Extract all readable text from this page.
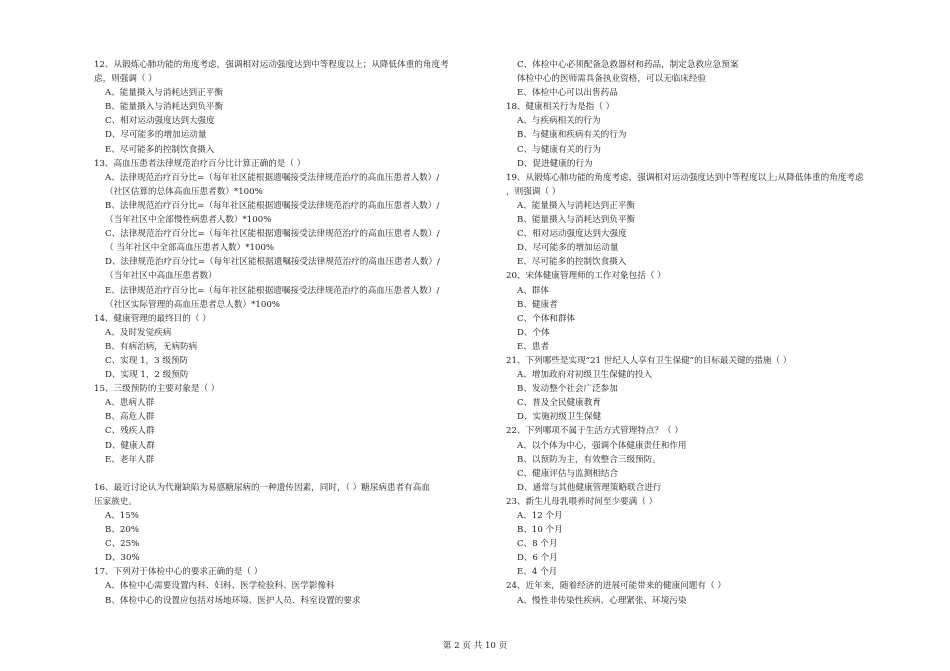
12、从锻炼心肺功能的角度考虑，强调相对运动强度达到中等程度以上；从降低体重的角度考
虑，则强调（ ）
A、能量摄入与消耗达到正平衡
B、能量摄入与消耗达到负平衡
C、相对运动强度达到大强度
D、尽可能多的增加运动量
E、尽可能多的控制饮食摄入
13、高血压患者法律规范治疗百分比计算正确的是（ ）
A、法律规范治疗百分比=（每年社区能根据遗嘱接受法律规范治疗的高血压患者人数）/
（社区估算的总体高血压患者数）*100%
B、法律规范治疗百分比=（每年社区能根据遗嘱接受法律规范治疗的高血压患者人数）/
（当年社区中全部慢性病患者人数）*100%
C、法律规范治疗百分比=（每年社区能根据遗嘱接受法律规范治疗的高血压患者人数）/
（ 当年社区中全部高血压患者人数）*100%
D、法律规范治疗百分比=（每年社区能根据遗嘱接受法律规范治疗的高血压患者人数）/
（当年社区中高血压患者数）
E、法律规范治疗百分比=（每年社区能根据遗嘱接受法律规范治疗的高血压患者人数）/
（社区实际管理的高血压患者总人数）*100%
14、健康管理的最终目的（ ）
A、及时发觉疾病
B、有病治病，无病防病
C、实现 1，3 级预防
D、实现 1，2 级预防
15、三级预防的主要对象是（ ）
A、患病人群
B、高危人群
C、残疾人群
D、健康人群
E、老年人群
16、最近讨论认为代谢缺陷为易感糖尿病的一种遗传因素，同时，（ ）糖尿病患者有高血
压家族史。
A、15%
B、20%
C、25%
D、30%
17、下列对于体检中心的要求正确的是（ ）
A、体检中心需要设置内科、妇科、医学检验科、医学影像科
B、体检中心的设置应包括对场地环境、医护人员、科室设置的要求
C、体检中心必须配备急救器材和药品，制定急救应急预案
体检中心的医师需具备执业资格，可以无临床经验
E、体检中心可以出售药品
18、健康相关行为是指（ ）
A、与疾病相关的行为
B、与健康和疾病有关的行为
C、与健康有关的行为
D、促进健康的行为
19、从锻炼心肺功能的角度考虑，强调相对运动强度达到中等程度以上;从降低体重的角度考虑
，则强调（ ）
A、能量摄入与消耗达到正平衡
B、能量摄入与消耗达到负平衡
C、相对运动强度达到大强度
D、尽可能多的增加运动量
E、尽可能多的控制饮食摄入
20、宋体健康管理师的工作对象包括（ ）
A、群体
B、健康者
C、个体和群体
D、个体
E、患者
21、下列哪些是实现“21 世纪人人享有卫生保健”的目标最关键的措施（ ）
A、增加政府对初级卫生保健的投入
B、发动整个社会广泛参加
C、普及全民健康教育
D、实施初级卫生保健
22、下列哪项不属于生活方式管理特点？（ ）
A、以个体为中心，强调个体健康责任和作用
B、以预防为主，有效整合三级预防。
C、健康评估与监测相结合
D、通常与其他健康管理策略联合进行
23、新生儿母乳喂养时间至少要满（ ）
A、12 个月
B、10 个月
C、8 个月
D、6 个月
E、4 个月
24、近年来，随着经济的进展可能带来的健康问题有（ ）
A、慢性非传染性疾病、心理紧张、环境污染
第 2 页 共 10 页
